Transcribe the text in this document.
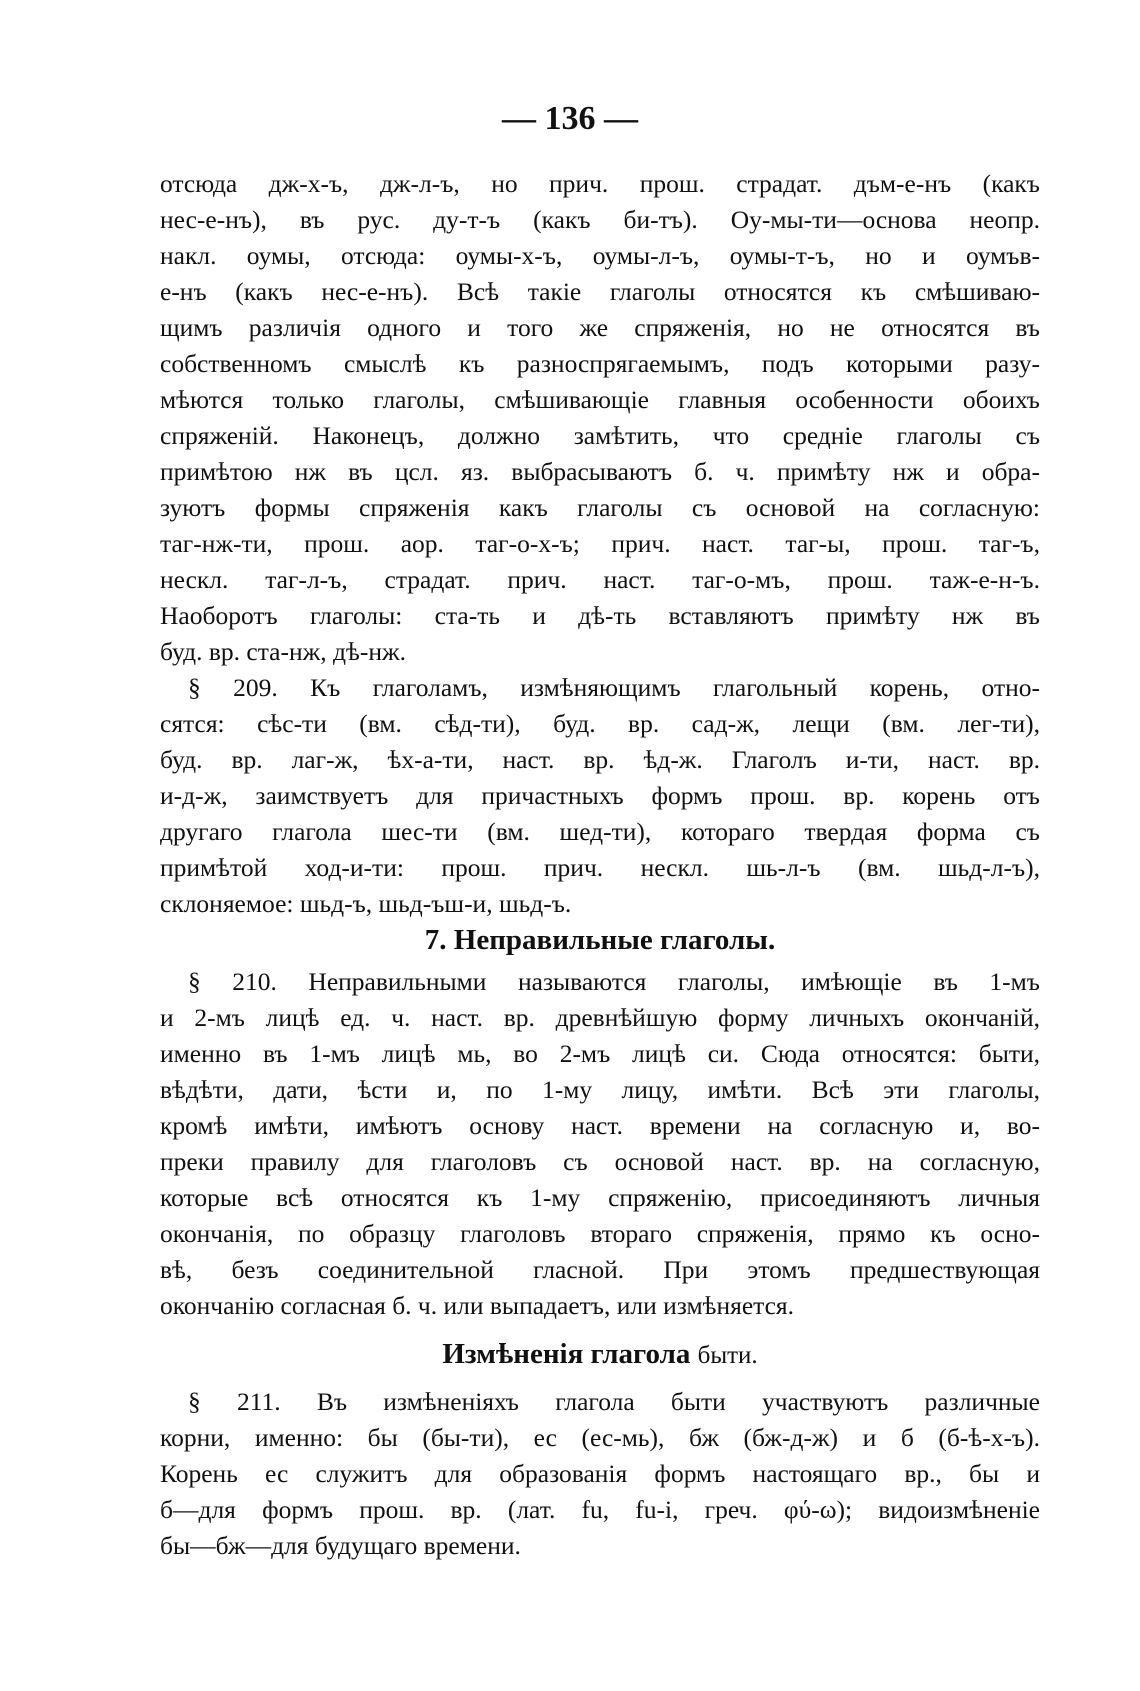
— 136 —
отсюда дж-х-ъ, дж-л-ъ, но прич. прош. страдат. дъм-е-нъ (какъ
нес-е-нъ), въ рус. ду-т-ъ (какъ би-тъ). Оу-мы-ти—основа неопр.
накл. оумы, отсюда: оумы-х-ъ, оумы-л-ъ, оумы-т-ъ, но и оумъв-
е-нъ (какъ нес-е-нъ). Всѣ такiе глаголы относятся къ смѣшиваю-
щимъ различiя одного и того же спряженiя, но не относятся въ
собственномъ смыслѣ къ разноспрягаемымъ, подъ которыми разу-
мѣются только глаголы, смѣшивающiе главныя особенности обоихъ
спряженiй. Наконецъ, должно замѣтить, что среднiе глаголы съ
примѣтою нж въ цсл. яз. выбрасываютъ б. ч. примѣту нж и обра-
зуютъ формы спряженiя какъ глаголы съ основой на согласную:
таг-нж-ти, прош. аор. таг-о-х-ъ; прич. наст. таг-ы, прош. таг-ъ,
нескл. таг-л-ъ, страдат. прич. наст. таг-о-мъ, прош. таж-е-н-ъ.
Наоборотъ глаголы: ста-ть и дѣ-ть вставляютъ примѣту нж въ
буд. вр. ста-нж, дѣ-нж.
§ 209. Къ глаголамъ, измѣняющимъ глагольный корень, отно-
сятся: сѣс-ти (вм. сѣд-ти), буд. вр. сад-ж, лещи (вм. лег-ти),
буд. вр. лаг-ж, ѣх-а-ти, наст. вр. ѣд-ж. Глаголъ и-ти, наст. вр.
и-д-ж, заимствуетъ для причастныхъ формъ прош. вр. корень отъ
другаго глагола шес-ти (вм. шед-ти), котораго твердая форма съ
примѣтой ход-и-ти: прош. прич. нескл. шь-л-ъ (вм. шьд-л-ъ),
склоняемое: шьд-ъ, шьд-ъш-и, шьд-ъ.
7. Неправильные глаголы.
§ 210. Неправильными называются глаголы, имѣющiе въ 1-мъ
и 2-мъ лицѣ ед. ч. наст. вр. древнѣйшую форму личныхъ окончанiй,
именно въ 1-мъ лицѣ мь, во 2-мъ лицѣ си. Сюда относятся: быти,
вѣдѣти, дати, ѣсти и, по 1-му лицу, имѣти. Всѣ эти глаголы,
кромѣ имѣти, имѣютъ основу наст. времени на согласную и, во-
преки правилу для глаголовъ съ основой наст. вр. на согласную,
которые всѣ относятся къ 1-му спряженiю, присоединяютъ личныя
окончанiя, по образцу глаголовъ втораго спряженiя, прямо къ осно-
вѣ, безъ соединительной гласной. При этомъ предшествующая
окончанiю согласная б. ч. или выпадаетъ, или измѣняется.
Измѣненiя глагола быти.
§ 211. Въ измѣненiяхъ глагола быти участвуютъ различные
корни, именно: бы (бы-ти), ес (ес-мь), бж (бж-д-ж) и б (б-ѣ-х-ъ).
Корень ес служитъ для образованiя формъ настоящаго вр., бы и
б—для формъ прош. вр. (лат. fu, fu-i, греч. φύ-ω); видоизмѣненiе
бы—бж—для будущаго времени.
